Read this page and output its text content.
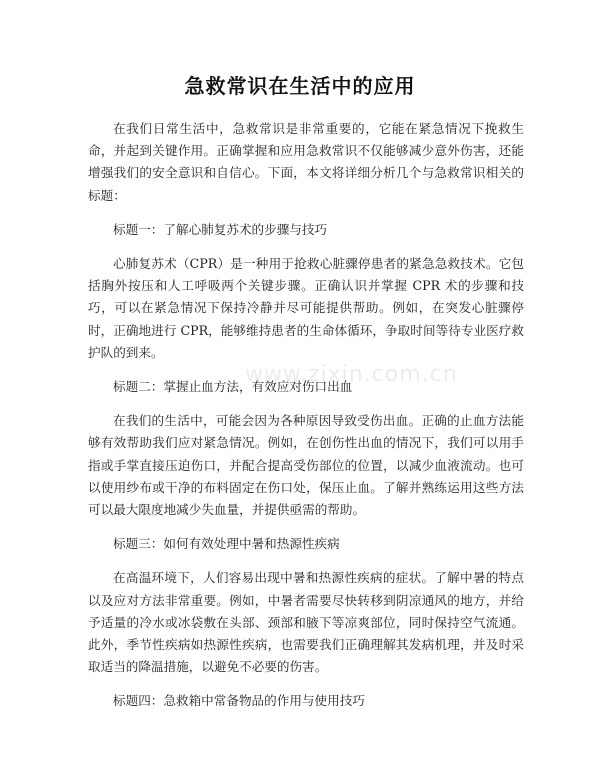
急救常识在生活中的应用

在我们日常生活中，急救常识是非常重要的，它能在紧急情况下挽救生命，并起到关键作用。正确掌握和应用急救常识不仅能够减少意外伤害，还能增强我们的安全意识和自信心。下面，本文将详细分析几个与急救常识相关的标题：

标题一：了解心肺复苏术的步骤与技巧

心肺复苏术（CPR）是一种用于抢救心脏骤停患者的紧急急救技术。它包括胸外按压和人工呼吸两个关键步骤。正确认识并掌握 CPR 术的步骤和技巧，可以在紧急情况下保持冷静并尽可能提供帮助。例如，在突发心脏骤停时，正确地进行 CPR，能够维持患者的生命体循环，争取时间等待专业医疗救护队的到来。

标题二：掌握止血方法，有效应对伤口出血

在我们的生活中，可能会因为各种原因导致受伤出血。正确的止血方法能够有效帮助我们应对紧急情况。例如，在创伤性出血的情况下，我们可以用手指或手掌直接压迫伤口，并配合提高受伤部位的位置，以减少血液流动。也可以使用纱布或干净的布料固定在伤口处，保压止血。了解并熟练运用这些方法可以最大限度地减少失血量，并提供亟需的帮助。

标题三：如何有效处理中暑和热源性疾病

在高温环境下，人们容易出现中暑和热源性疾病的症状。了解中暑的特点以及应对方法非常重要。例如，中暑者需要尽快转移到阴凉通风的地方，并给予适量的冷水或冰袋敷在头部、颈部和腋下等凉爽部位，同时保持空气流通。此外，季节性疾病如热源性疾病，也需要我们正确理解其发病机理，并及时采取适当的降温措施，以避免不必要的伤害。

标题四：急救箱中常备物品的作用与使用技巧

www.zixin.com.cn
